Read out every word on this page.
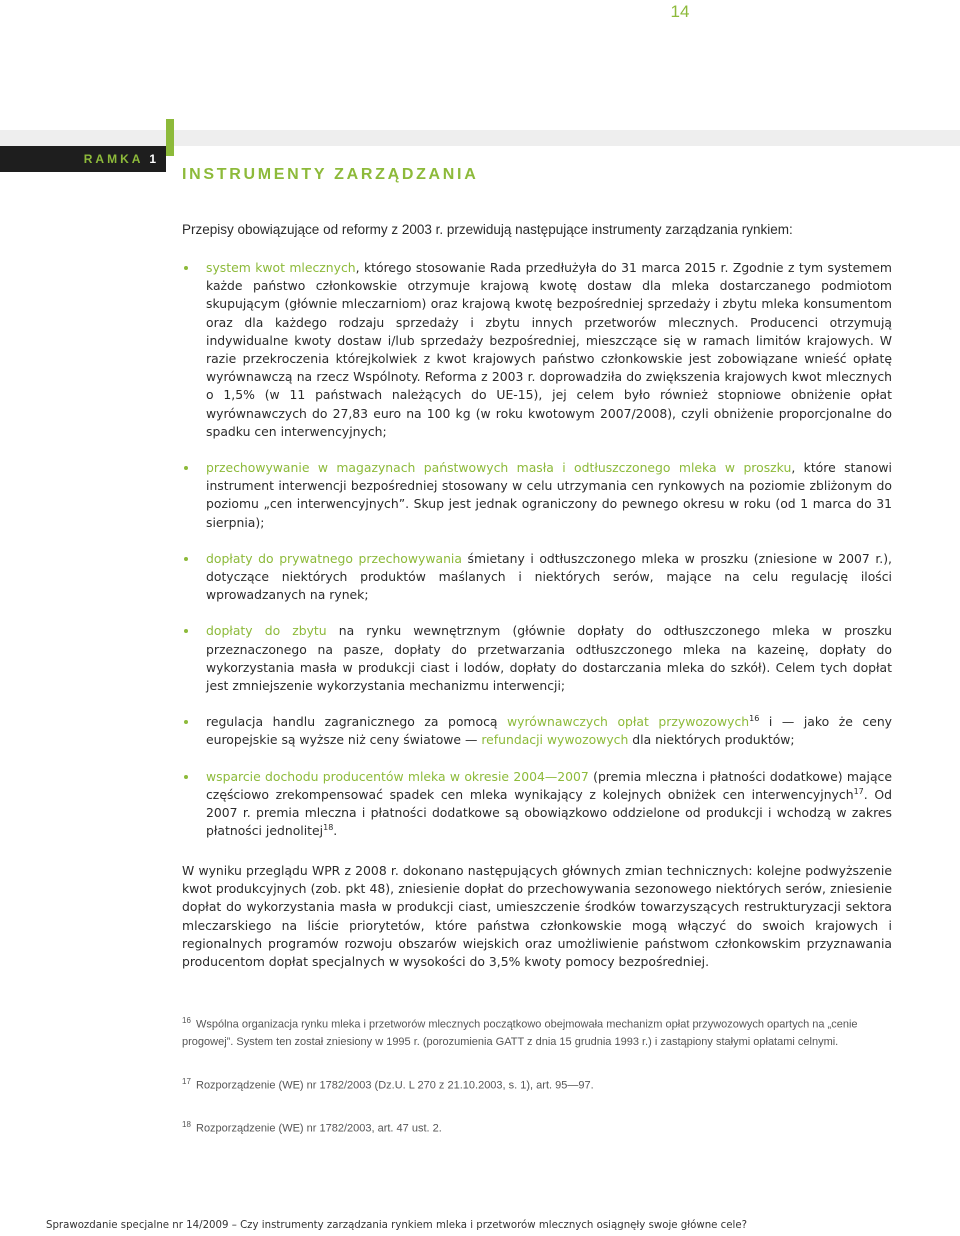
14
RAMKA 1
INSTRUMENTY ZARZĄDZANIA
Przepisy obowiązujące od reformy z 2003 r. przewidują następujące instrumenty zarządzania rynkiem:
system kwot mlecznych, którego stosowanie Rada przedłużyła do 31 marca 2015 r. Zgodnie z tym systemem każde państwo członkowskie otrzymuje krajową kwotę dostaw dla mleka dostarczanego podmiotom skupującym (głównie mleczarniom) oraz krajową kwotę bezpośredniej sprzedaży i zbytu mleka konsumentom oraz dla każdego rodzaju sprzedaży i zbytu innych przetworów mlecznych. Producenci otrzymują indywidualne kwoty dostaw i/lub sprzedaży bezpośredniej, mieszczące się w ramach limitów krajowych. W razie przekroczenia którejkolwiek z kwot krajowych państwo członkowskie jest zobowiązane wnieść opłatę wyrównawczą na rzecz Wspólnoty. Reforma z 2003 r. doprowadziła do zwiększenia krajowych kwot mlecznych o 1,5% (w 11 państwach należących do UE-15), jej celem było również stopniowe obniżenie opłat wyrównawczych do 27,83 euro na 100 kg (w roku kwotowym 2007/2008), czyli obniżenie proporcjonalne do spadku cen interwencyjnych;
przechowywanie w magazynach państwowych masła i odtłuszczonego mleka w proszku, które stanowi instrument interwencji bezpośredniej stosowany w celu utrzymania cen rynkowych na poziomie zbliżonym do poziomu „cen interwencyjnych”. Skup jest jednak ograniczony do pewnego okresu w roku (od 1 marca do 31 sierpnia);
dopłaty do prywatnego przechowywania śmietany i odtłuszczonego mleka w proszku (zniesione w 2007 r.), dotyczące niektórych produktów maślanych i niektórych serów, mające na celu regulację ilości wprowadzanych na rynek;
dopłaty do zbytu na rynku wewnętrznym (głównie dopłaty do odtłuszczonego mleka w proszku przeznaczonego na pasze, dopłaty do przetwarzania odtłuszczonego mleka na kazeinę, dopłaty do wykorzystania masła w produkcji ciast i lodów, dopłaty do dostarczania mleka do szkół). Celem tych dopłat jest zmniejszenie wykorzystania mechanizmu interwencji;
regulacja handlu zagranicznego za pomocą wyrównawczych opłat przywozowych$^{16}$ i — jako że ceny europejskie są wyższe niż ceny światowe — refundacji wywozowych dla niektórych produktów;
wsparcie dochodu producentów mleka w okresie 2004—2007 (premia mleczna i płatności dodatkowe) mające częściowo zrekompensować spadek cen mleka wynikający z kolejnych obniżek cen interwencyjnych$^{17}$. Od 2007 r. premia mleczna i płatności dodatkowe są obowiązkowo oddzielone od produkcji i wchodzą w zakres płatności jednolitej$^{18}$.

W wyniku przeglądu WPR z 2008 r. dokonano następujących głównych zmian technicznych: kolejne podwyższenie kwot produkcyjnych (zob. pkt 48), zniesienie dopłat do przechowywania sezonowego niektórych serów, zniesienie dopłat do wykorzystania masła w produkcji ciast, umieszczenie środków towarzyszących restrukturyzacji sektora mleczarskiego na liście priorytetów, które państwa członkowskie mogą włączyć do swoich krajowych i regionalnych programów rozwoju obszarów wiejskich oraz umożliwienie państwom członkowskim przyznawania producentom dopłat specjalnych w wysokości do 3,5% kwoty pomocy bezpośredniej.

16 Wspólna organizacja rynku mleka i przetworów mlecznych początkowo obejmowała mechanizm opłat przywozowych opartych na „cenie progowej”. System ten został zniesiony w 1995 r. (porozumienia GATT z dnia 15 grudnia 1993 r.) i zastąpiony stałymi opłatami celnymi.

17 Rozporządzenie (WE) nr 1782/2003 (Dz.U. L 270 z 21.10.2003, s. 1), art. 95—97.

18 Rozporządzenie (WE) nr 1782/2003, art. 47 ust. 2.

Sprawozdanie specjalne nr 14/2009 – Czy instrumenty zarządzania rynkiem mleka i przetworów mlecznych osiągnęły swoje główne cele?
